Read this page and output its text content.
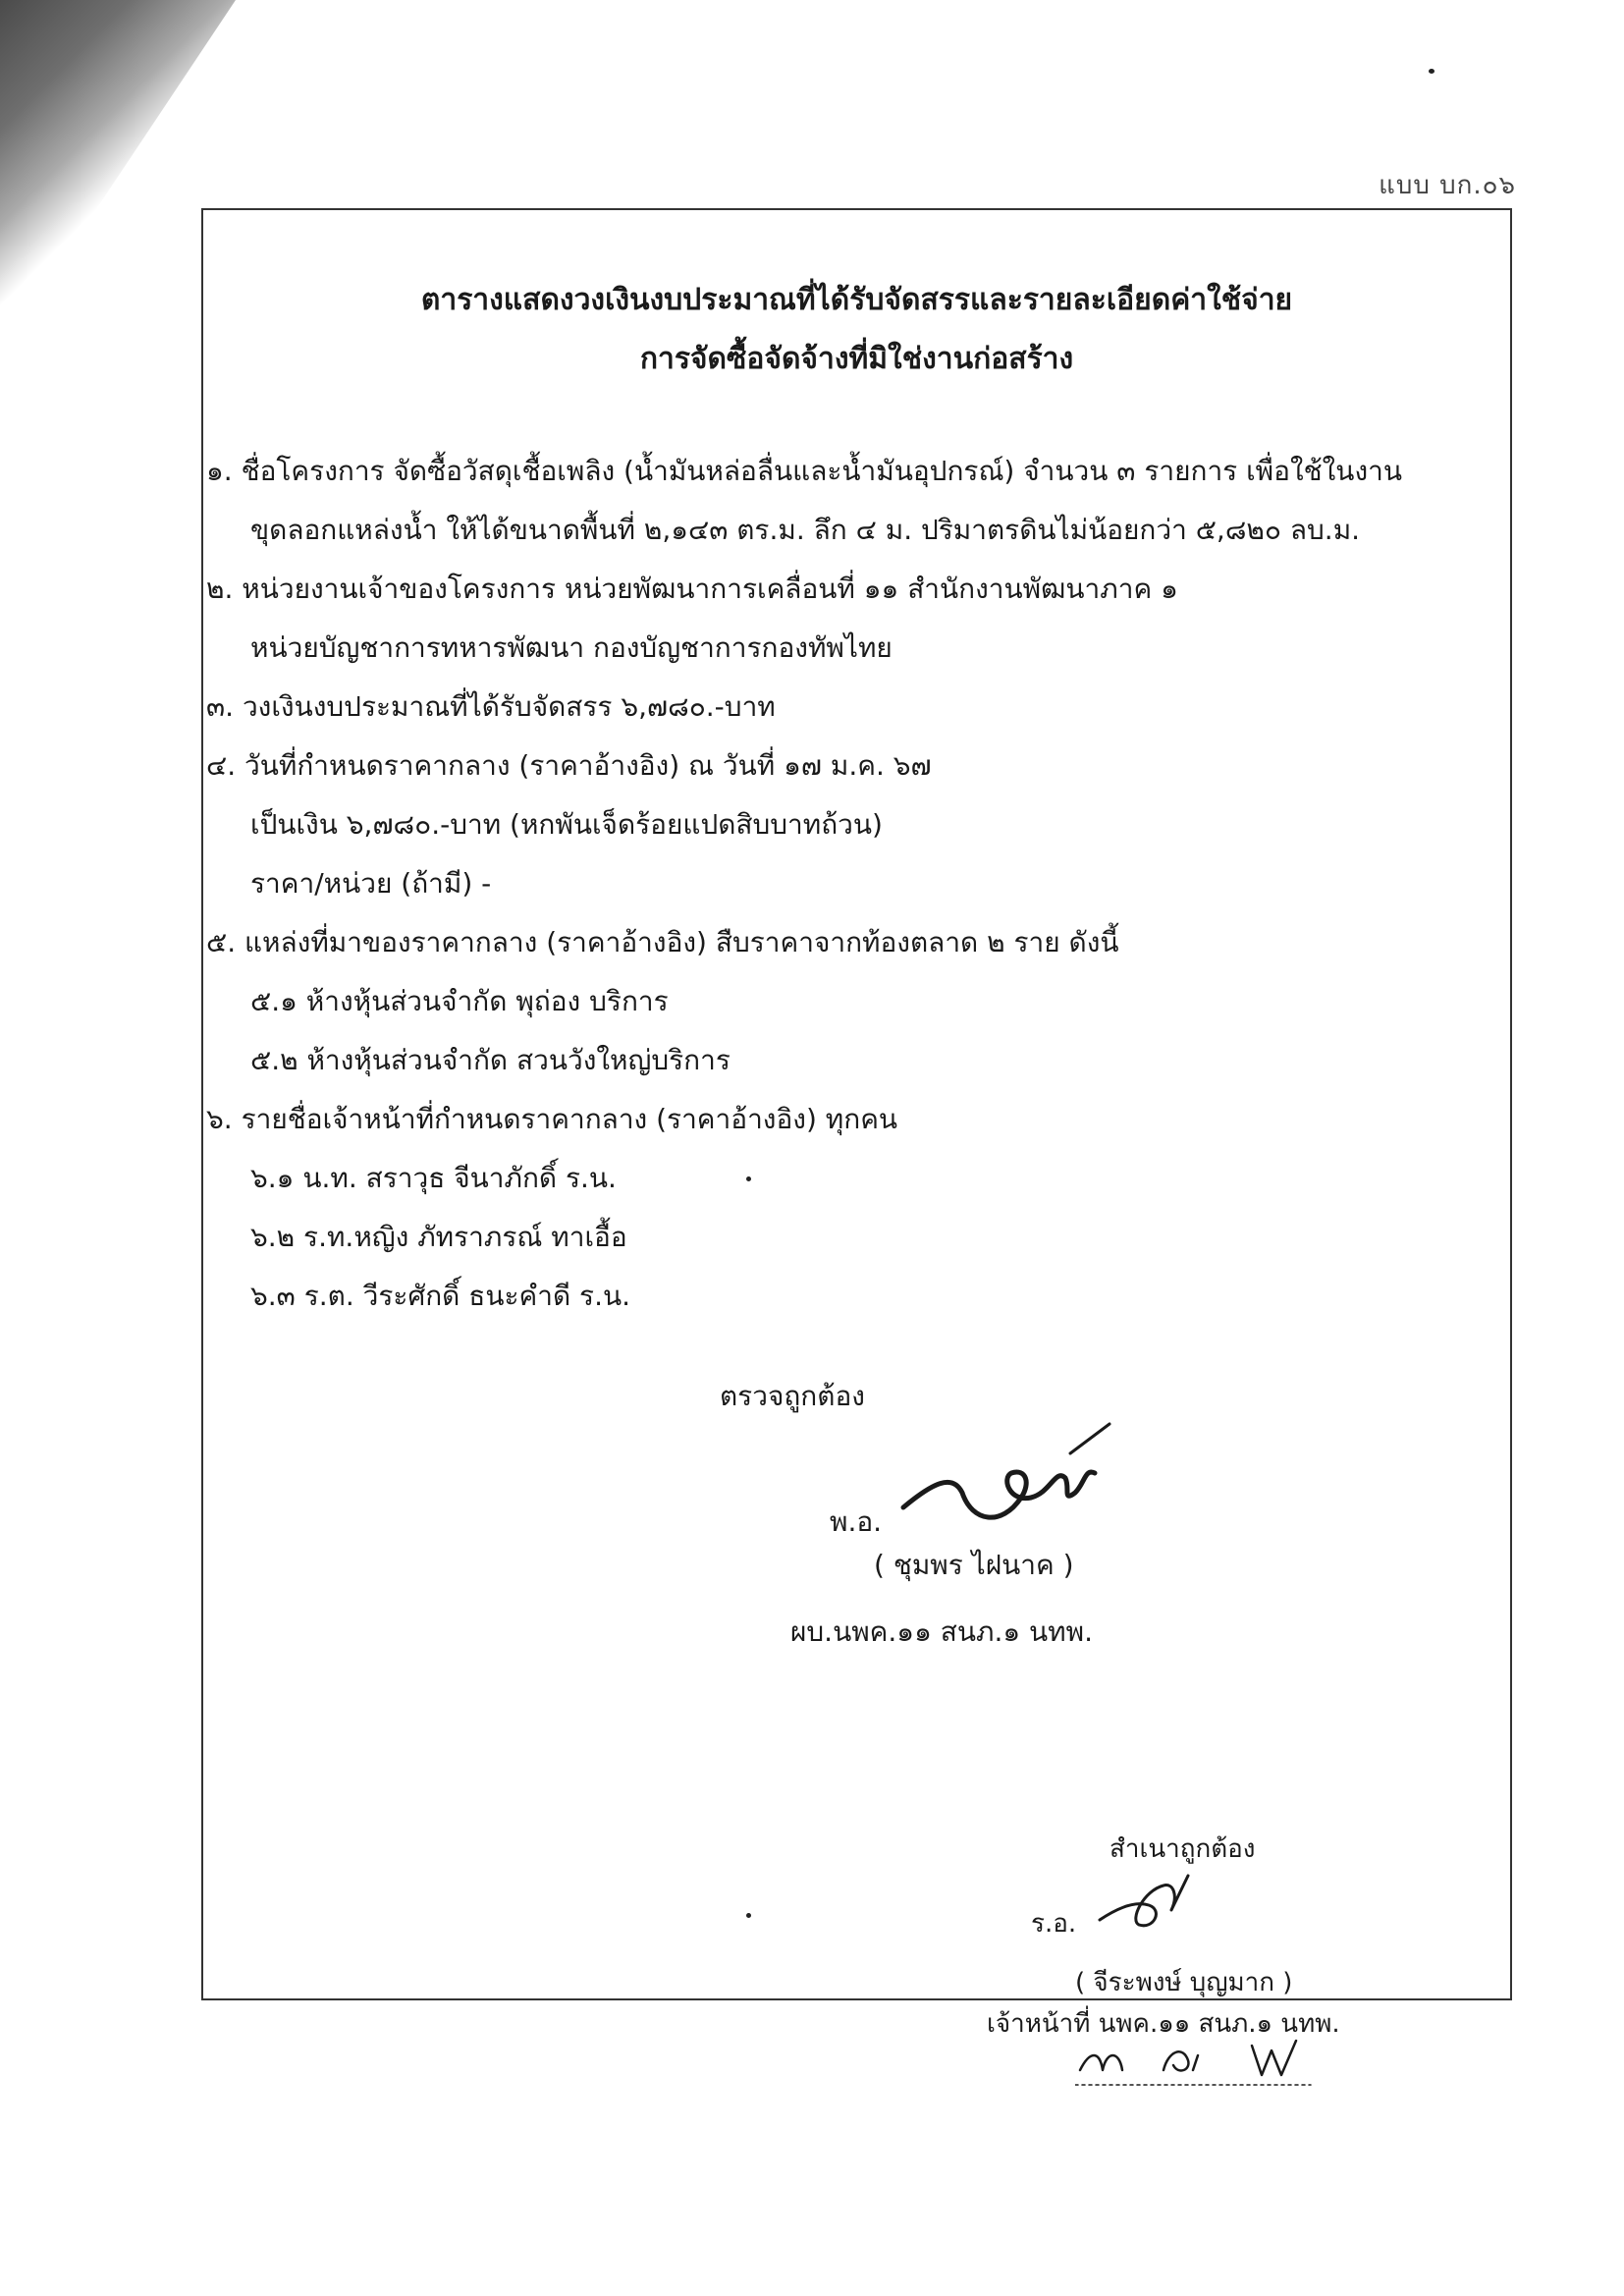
แบบ บก.๐๖
ตารางแสดงวงเงินงบประมาณที่ได้รับจัดสรรและรายละเอียดค่าใช้จ่าย
การจัดซื้อจัดจ้างที่มิใช่งานก่อสร้าง
๑. ชื่อโครงการ จัดซื้อวัสดุเชื้อเพลิง (น้ำมันหล่อลื่นและน้ำมันอุปกรณ์) จำนวน ๓ รายการ เพื่อใช้ในงาน
ขุดลอกแหล่งน้ำ ให้ได้ขนาดพื้นที่ ๒,๑๔๓ ตร.ม. ลึก ๔ ม. ปริมาตรดินไม่น้อยกว่า ๕,๘๒๐ ลบ.ม.
๒. หน่วยงานเจ้าของโครงการ หน่วยพัฒนาการเคลื่อนที่ ๑๑ สำนักงานพัฒนาภาค ๑
หน่วยบัญชาการทหารพัฒนา กองบัญชาการกองทัพไทย
๓. วงเงินงบประมาณที่ได้รับจัดสรร ๖,๗๘๐.-บาท
๔. วันที่กำหนดราคากลาง (ราคาอ้างอิง) ณ วันที่ ๑๗ ม.ค. ๖๗
เป็นเงิน ๖,๗๘๐.-บาท (หกพันเจ็ดร้อยแปดสิบบาทถ้วน)
ราคา/หน่วย (ถ้ามี) -
๕. แหล่งที่มาของราคากลาง (ราคาอ้างอิง) สืบราคาจากท้องตลาด ๒ ราย ดังนี้
๕.๑ ห้างหุ้นส่วนจำกัด พุถ่อง บริการ
๕.๒ ห้างหุ้นส่วนจำกัด สวนวังใหญ่บริการ
๖. รายชื่อเจ้าหน้าที่กำหนดราคากลาง (ราคาอ้างอิง) ทุกคน
๖.๑ น.ท. สราวุธ จีนาภักดิ์ ร.น.
๖.๒ ร.ท.หญิง ภัทราภรณ์ ทาเอื้อ
๖.๓ ร.ต. วีระศักดิ์ ธนะคำดี ร.น.
ตรวจถูกต้อง
พ.อ.
( ชุมพร ไฝนาค )
ผบ.นพค.๑๑ สนภ.๑ นทพ.
สำเนาถูกต้อง
ร.อ.
( จีระพงษ์ บุญมาก )
เจ้าหน้าที่ นพค.๑๑ สนภ.๑ นทพ.
